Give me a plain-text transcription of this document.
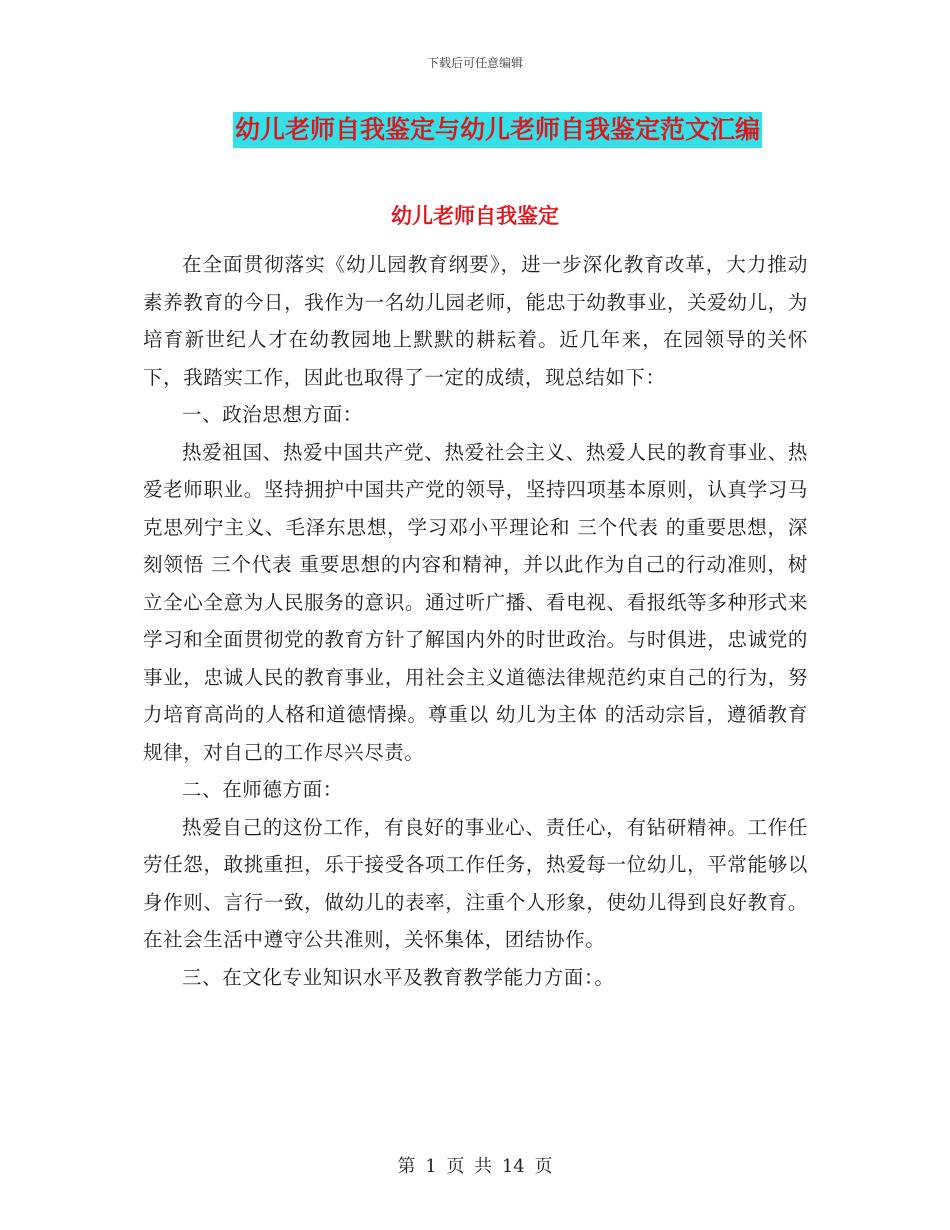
下载后可任意编辑
幼儿老师自我鉴定与幼儿老师自我鉴定范文汇编
幼儿老师自我鉴定

在全面贯彻落实《幼儿园教育纲要》，进一步深化教育改革，大力推动素养教育的今日，我作为一名幼儿园老师，能忠于幼教事业，关爱幼儿，为培育新世纪人才在幼教园地上默默的耕耘着。近几年来，在园领导的关怀下，我踏实工作，因此也取得了一定的成绩，现总结如下：

一、政治思想方面：

热爱祖国、热爱中国共产党、热爱社会主义、热爱人民的教育事业、热爱老师职业。坚持拥护中国共产党的领导，坚持四项基本原则，认真学习马克思列宁主义、毛泽东思想，学习邓小平理论和 三个代表 的重要思想，深刻领悟 三个代表 重要思想的内容和精神，并以此作为自己的行动准则，树立全心全意为人民服务的意识。通过听广播、看电视、看报纸等多种形式来学习和全面贯彻党的教育方针了解国内外的时世政治。与时俱进，忠诚党的事业，忠诚人民的教育事业，用社会主义道德法律规范约束自己的行为，努力培育高尚的人格和道德情操。尊重以 幼儿为主体 的活动宗旨，遵循教育规律，对自己的工作尽兴尽责。

二、在师德方面：

热爱自己的这份工作，有良好的事业心、责任心，有钻研精神。工作任劳任怨，敢挑重担，乐于接受各项工作任务，热爱每一位幼儿，平常能够以身作则、言行一致，做幼儿的表率，注重个人形象，使幼儿得到良好教育。在社会生活中遵守公共准则，关怀集体，团结协作。

三、在文化专业知识水平及教育教学能力方面：。

第 1 页 共 14 页
